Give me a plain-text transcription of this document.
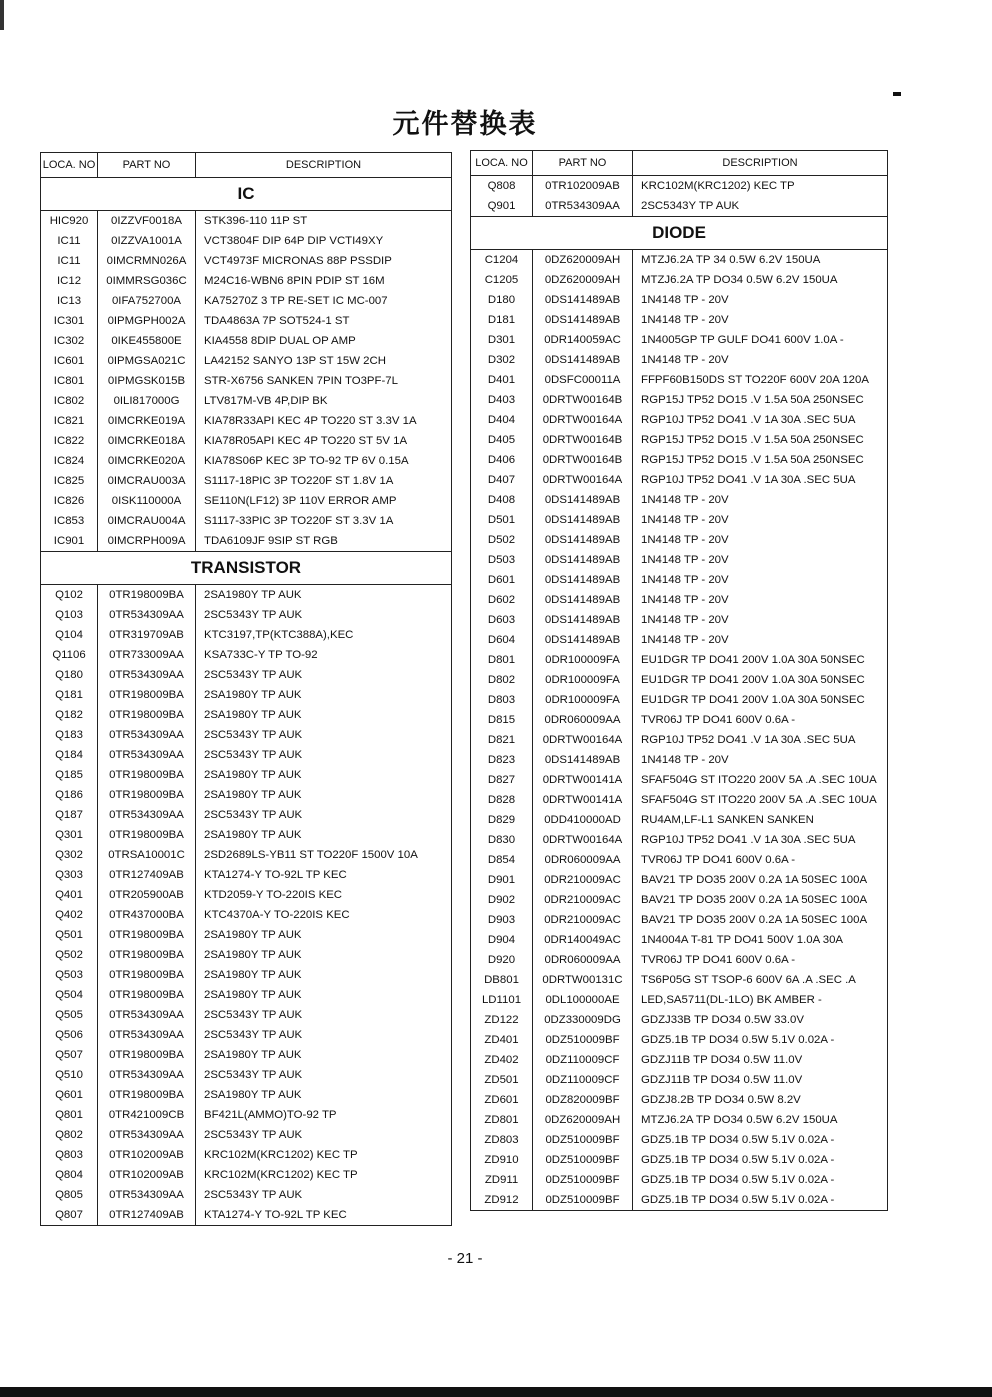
元件替换表
LOCA. NO	PART NO	DESCRIPTION
IC		
HIC920	0IZZVF0018A	STK396-110 11P ST
IC11	0IZZVA1001A	VCT3804F DIP 64P DIP VCTI49XY
IC11	0IMCRMN026A	VCT4973F MICRONAS 88P PSSDIP
IC12	0IMMRSG036C	M24C16-WBN6 8PIN PDIP ST 16M
IC13	0IFA752700A	KA75270Z 3 TP RE-SET IC MC-007
IC301	0IPMGPH002A	TDA4863A 7P SOT524-1 ST
IC302	0IKE455800E	KIA4558 8DIP DUAL OP AMP
IC601	0IPMGSA021C	LA42152 SANYO 13P ST 15W 2CH
IC801	0IPMGSK015B	STR-X6756 SANKEN 7PIN TO3PF-7L
IC802	0ILI817000G	LTV817M-VB 4P,DIP BK
IC821	0IMCRKE019A	KIA78R33API KEC 4P TO220 ST 3.3V 1A
IC822	0IMCRKE018A	KIA78R05API KEC 4P TO220 ST 5V 1A
IC824	0IMCRKE020A	KIA78S06P KEC 3P TO-92 TP 6V 0.15A
IC825	0IMCRAU003A	S1117-18PIC 3P TO220F ST 1.8V 1A
IC826	0ISK110000A	SE110N(LF12) 3P 110V ERROR AMP
IC853	0IMCRAU004A	S1117-33PIC 3P TO220F ST 3.3V 1A
IC901	0IMCRPH009A	TDA6109JF 9SIP ST RGB
TRANSISTOR		
Q102	0TR198009BA	2SA1980Y TP AUK
Q103	0TR534309AA	2SC5343Y TP AUK
Q104	0TR319709AB	KTC3197,TP(KTC388A),KEC
Q1106	0TR733009AA	KSA733C-Y TP TO-92
Q180	0TR534309AA	2SC5343Y TP AUK
Q181	0TR198009BA	2SA1980Y TP AUK
Q182	0TR198009BA	2SA1980Y TP AUK
Q183	0TR534309AA	2SC5343Y TP AUK
Q184	0TR534309AA	2SC5343Y TP AUK
Q185	0TR198009BA	2SA1980Y TP AUK
Q186	0TR198009BA	2SA1980Y TP AUK
Q187	0TR534309AA	2SC5343Y TP AUK
Q301	0TR198009BA	2SA1980Y TP AUK
Q302	0TRSA10001C	2SD2689LS-YB11 ST TO220F 1500V 10A
Q303	0TR127409AB	KTA1274-Y TO-92L TP KEC
Q401	0TR205900AB	KTD2059-Y TO-220IS KEC
Q402	0TR437000BA	KTC4370A-Y TO-220IS KEC
Q501	0TR198009BA	2SA1980Y TP AUK
Q502	0TR198009BA	2SA1980Y TP AUK
Q503	0TR198009BA	2SA1980Y TP AUK
Q504	0TR198009BA	2SA1980Y TP AUK
Q505	0TR534309AA	2SC5343Y TP AUK
Q506	0TR534309AA	2SC5343Y TP AUK
Q507	0TR198009BA	2SA1980Y TP AUK
Q510	0TR534309AA	2SC5343Y TP AUK
Q601	0TR198009BA	2SA1980Y TP AUK
Q801	0TR421009CB	BF421L(AMMO)TO-92 TP
Q802	0TR534309AA	2SC5343Y TP AUK
Q803	0TR102009AB	KRC102M(KRC1202) KEC TP
Q804	0TR102009AB	KRC102M(KRC1202) KEC TP
Q805	0TR534309AA	2SC5343Y TP AUK
Q807	0TR127409AB	KTA1274-Y TO-92L TP KEC
LOCA. NO	PART NO	DESCRIPTION
Q808	0TR102009AB	KRC102M(KRC1202) KEC TP
Q901	0TR534309AA	2SC5343Y TP AUK
DIODE		
C1204	0DZ620009AH	MTZJ6.2A TP 34 0.5W 6.2V 150UA
C1205	0DZ620009AH	MTZJ6.2A TP DO34 0.5W 6.2V 150UA
D180	0DS141489AB	1N4148 TP - 20V
D181	0DS141489AB	1N4148 TP - 20V
D301	0DR140059AC	1N4005GP TP GULF DO41 600V 1.0A -
D302	0DS141489AB	1N4148 TP - 20V
D401	0DSFC00011A	FFPF60B150DS ST TO220F 600V 20A 120A
D403	0DRTW00164B	RGP15J TP52 DO15 .V 1.5A 50A 250NSEC
D404	0DRTW00164A	RGP10J TP52 DO41 .V 1A 30A .SEC 5UA
D405	0DRTW00164B	RGP15J TP52 DO15 .V 1.5A 50A 250NSEC
D406	0DRTW00164B	RGP15J TP52 DO15 .V 1.5A 50A 250NSEC
D407	0DRTW00164A	RGP10J TP52 DO41 .V 1A 30A .SEC 5UA
D408	0DS141489AB	1N4148 TP - 20V
D501	0DS141489AB	1N4148 TP - 20V
D502	0DS141489AB	1N4148 TP - 20V
D503	0DS141489AB	1N4148 TP - 20V
D601	0DS141489AB	1N4148 TP - 20V
D602	0DS141489AB	1N4148 TP - 20V
D603	0DS141489AB	1N4148 TP - 20V
D604	0DS141489AB	1N4148 TP - 20V
D801	0DR100009FA	EU1DGR TP DO41 200V 1.0A 30A 50NSEC
D802	0DR100009FA	EU1DGR TP DO41 200V 1.0A 30A 50NSEC
D803	0DR100009FA	EU1DGR TP DO41 200V 1.0A 30A 50NSEC
D815	0DR060009AA	TVR06J TP DO41 600V 0.6A -
D821	0DRTW00164A	RGP10J TP52 DO41 .V 1A 30A .SEC 5UA
D823	0DS141489AB	1N4148 TP - 20V
D827	0DRTW00141A	SFAF504G ST ITO220 200V 5A .A .SEC 10UA
D828	0DRTW00141A	SFAF504G ST ITO220 200V 5A .A .SEC 10UA
D829	0DD410000AD	RU4AM,LF-L1 SANKEN SANKEN
D830	0DRTW00164A	RGP10J TP52 DO41 .V 1A 30A .SEC 5UA
D854	0DR060009AA	TVR06J TP DO41 600V 0.6A -
D901	0DR210009AC	BAV21 TP DO35 200V 0.2A 1A 50SEC 100A
D902	0DR210009AC	BAV21 TP DO35 200V 0.2A 1A 50SEC 100A
D903	0DR210009AC	BAV21 TP DO35 200V 0.2A 1A 50SEC 100A
D904	0DR140049AC	1N4004A T-81 TP DO41 500V 1.0A 30A
D920	0DR060009AA	TVR06J TP DO41 600V 0.6A -
DB801	0DRTW00131C	TS6P05G ST TSOP-6 600V 6A .A .SEC .A
LD1101	0DL100000AE	LED,SA5711(DL-1LO) BK AMBER -
ZD122	0DZ330009DG	GDZJ33B TP DO34 0.5W 33.0V
ZD401	0DZ510009BF	GDZ5.1B TP DO34 0.5W 5.1V 0.02A -
ZD402	0DZ110009CF	GDZJ11B TP DO34 0.5W 11.0V
ZD501	0DZ110009CF	GDZJ11B TP DO34 0.5W 11.0V
ZD601	0DZ820009BF	GDZJ8.2B TP DO34 0.5W 8.2V
ZD801	0DZ620009AH	MTZJ6.2A TP DO34 0.5W 6.2V 150UA
ZD803	0DZ510009BF	GDZ5.1B TP DO34 0.5W 5.1V 0.02A -
ZD910	0DZ510009BF	GDZ5.1B TP DO34 0.5W 5.1V 0.02A -
ZD911	0DZ510009BF	GDZ5.1B TP DO34 0.5W 5.1V 0.02A -
ZD912	0DZ510009BF	GDZ5.1B TP DO34 0.5W 5.1V 0.02A -
- 21 -
